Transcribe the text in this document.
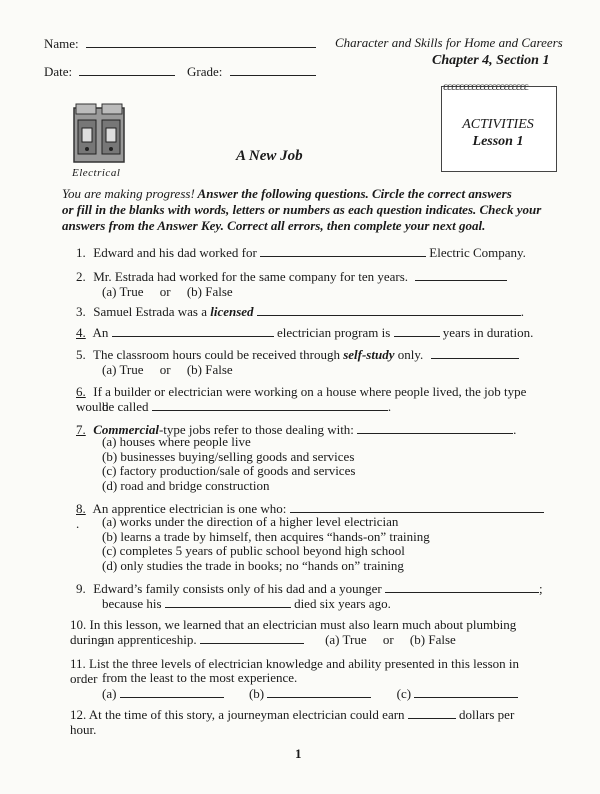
Name:	Character and Skills for Home and Careers
Date:	Grade:
Chapter 4, Section 1
ɛɛɛɛɛɛɛɛɛɛɛɛɛɛɛɛɛɛɛɛɛ
ACTIVITIES
Lesson 1
Electrical
A New Job
You are making progress! Answer the following questions. Circle the correct answers
or fill in the blanks with words, letters or numbers as each question indicates. Check your
answers from the Answer Key. Correct all errors, then complete your next goal.
1. Edward and his dad worked for	Electric Company.
2. Mr. Estrada had worked for the same company for ten years.
(a) True     or     (b) False
3. Samuel Estrada was a licensed	.
4. An	electrician program is	years in duration.
5. The classroom hours could be received through self-study only.
(a) True     or     (b) False
6. If a builder or electrician were working on a house where people lived, the job type would
be called	.
7. Commercial-type jobs refer to those dealing with:	.
(a) houses where people live
(b) businesses buying/selling goods and services
(c) factory production/sale of goods and services
(d) road and bridge construction
8. An apprentice electrician is one who: .	(a) works under the direction of a higher level electrician
(b) learns a trade by himself, then acquires “hands-on” training
(c) completes 5 years of public school beyond high school
(d) only studies the trade in books; no “hands on” training
9. Edward’s family consists only of his dad and a younger	;
because his	died six years ago.
10. In this lesson, we learned that an electrician must also learn much about plumbing during
an apprenticeship.	(a) True     or     (b) False
11. List the three levels of electrician knowledge and ability presented in this lesson in order from the least to the most experience.
(a)	(b)	(c)
12. At the time of this story, a journeyman electrician could earn	dollars per hour.
1
